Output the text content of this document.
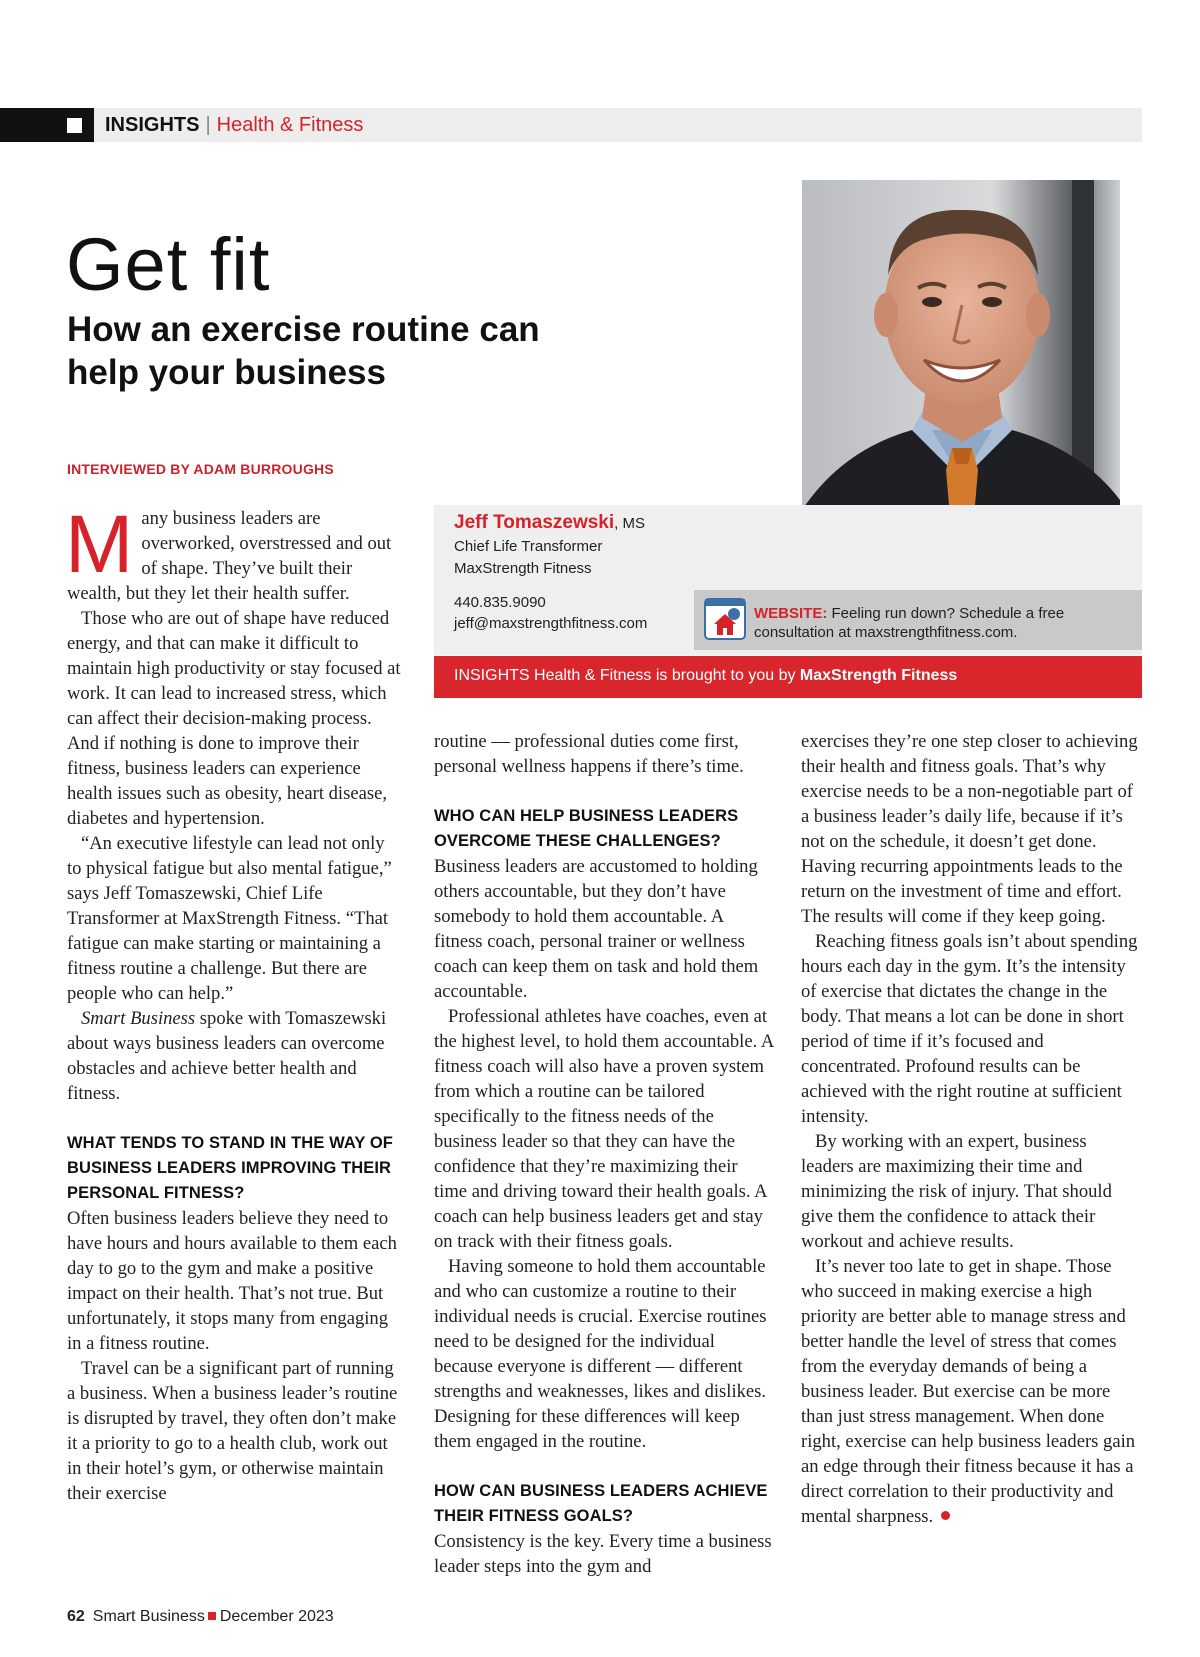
INSIGHTS | Health & Fitness
Get fit
How an exercise routine can help your business
INTERVIEWED BY ADAM BURROUGHS
Jeff Tomaszewski, MS
Chief Life Transformer
MaxStrength Fitness
440.835.9090
jeff@maxstrengthfitness.com
WEBSITE: Feeling run down? Schedule a free consultation at maxstrengthfitness.com.
INSIGHTS Health & Fitness is brought to you by MaxStrength Fitness

Many business leaders are overworked, overstressed and out of shape. They’ve built their wealth, but they let their health suffer.

Those who are out of shape have reduced energy, and that can make it difficult to maintain high productivity or stay focused at work. It can lead to increased stress, which can affect their decision-making process. And if nothing is done to improve their fitness, business leaders can experience health issues such as obesity, heart disease, diabetes and hypertension.

“An executive lifestyle can lead not only to physical fatigue but also mental fatigue,” says Jeff Tomaszewski, Chief Life Transformer at MaxStrength Fitness. “That fatigue can make starting or maintaining a fitness routine a challenge. But there are people who can help.”

Smart Business spoke with Tomaszewski about ways business leaders can overcome obstacles and achieve better health and fitness.

WHAT TENDS TO STAND IN THE WAY OF BUSINESS LEADERS IMPROVING THEIR PERSONAL FITNESS?

Often business leaders believe they need to have hours and hours available to them each day to go to the gym and make a positive impact on their health. That’s not true. But unfortunately, it stops many from engaging in a fitness routine.

Travel can be a significant part of running a business. When a business leader’s routine is disrupted by travel, they often don’t make it a priority to go to a health club, work out in their hotel’s gym, or otherwise maintain their exercise

routine — professional duties come first, personal wellness happens if there’s time.

WHO CAN HELP BUSINESS LEADERS OVERCOME THESE CHALLENGES?

Business leaders are accustomed to holding others accountable, but they don’t have somebody to hold them accountable. A fitness coach, personal trainer or wellness coach can keep them on task and hold them accountable.

Professional athletes have coaches, even at the highest level, to hold them accountable. A fitness coach will also have a proven system from which a routine can be tailored specifically to the fitness needs of the business leader so that they can have the confidence that they’re maximizing their time and driving toward their health goals. A coach can help business leaders get and stay on track with their fitness goals.

Having someone to hold them accountable and who can customize a routine to their individual needs is crucial. Exercise routines need to be designed for the individual because everyone is different — different strengths and weaknesses, likes and dislikes. Designing for these differences will keep them engaged in the routine.

HOW CAN BUSINESS LEADERS ACHIEVE THEIR FITNESS GOALS?

Consistency is the key. Every time a business leader steps into the gym and

exercises they’re one step closer to achieving their health and fitness goals. That’s why exercise needs to be a non-negotiable part of a business leader’s daily life, because if it’s not on the schedule, it doesn’t get done. Having recurring appointments leads to the return on the investment of time and effort. The results will come if they keep going.

Reaching fitness goals isn’t about spending hours each day in the gym. It’s the intensity of exercise that dictates the change in the body. That means a lot can be done in short period of time if it’s focused and concentrated. Profound results can be achieved with the right routine at sufficient intensity.

By working with an expert, business leaders are maximizing their time and minimizing the risk of injury. That should give them the confidence to attack their workout and achieve results.

It’s never too late to get in shape. Those who succeed in making exercise a high priority are better able to manage stress and better handle the level of stress that comes from the everyday demands of being a business leader. But exercise can be more than just stress management. When done right, exercise can help business leaders gain an edge through their fitness because it has a direct correlation to their productivity and mental sharpness.

62 Smart Business December 2023
